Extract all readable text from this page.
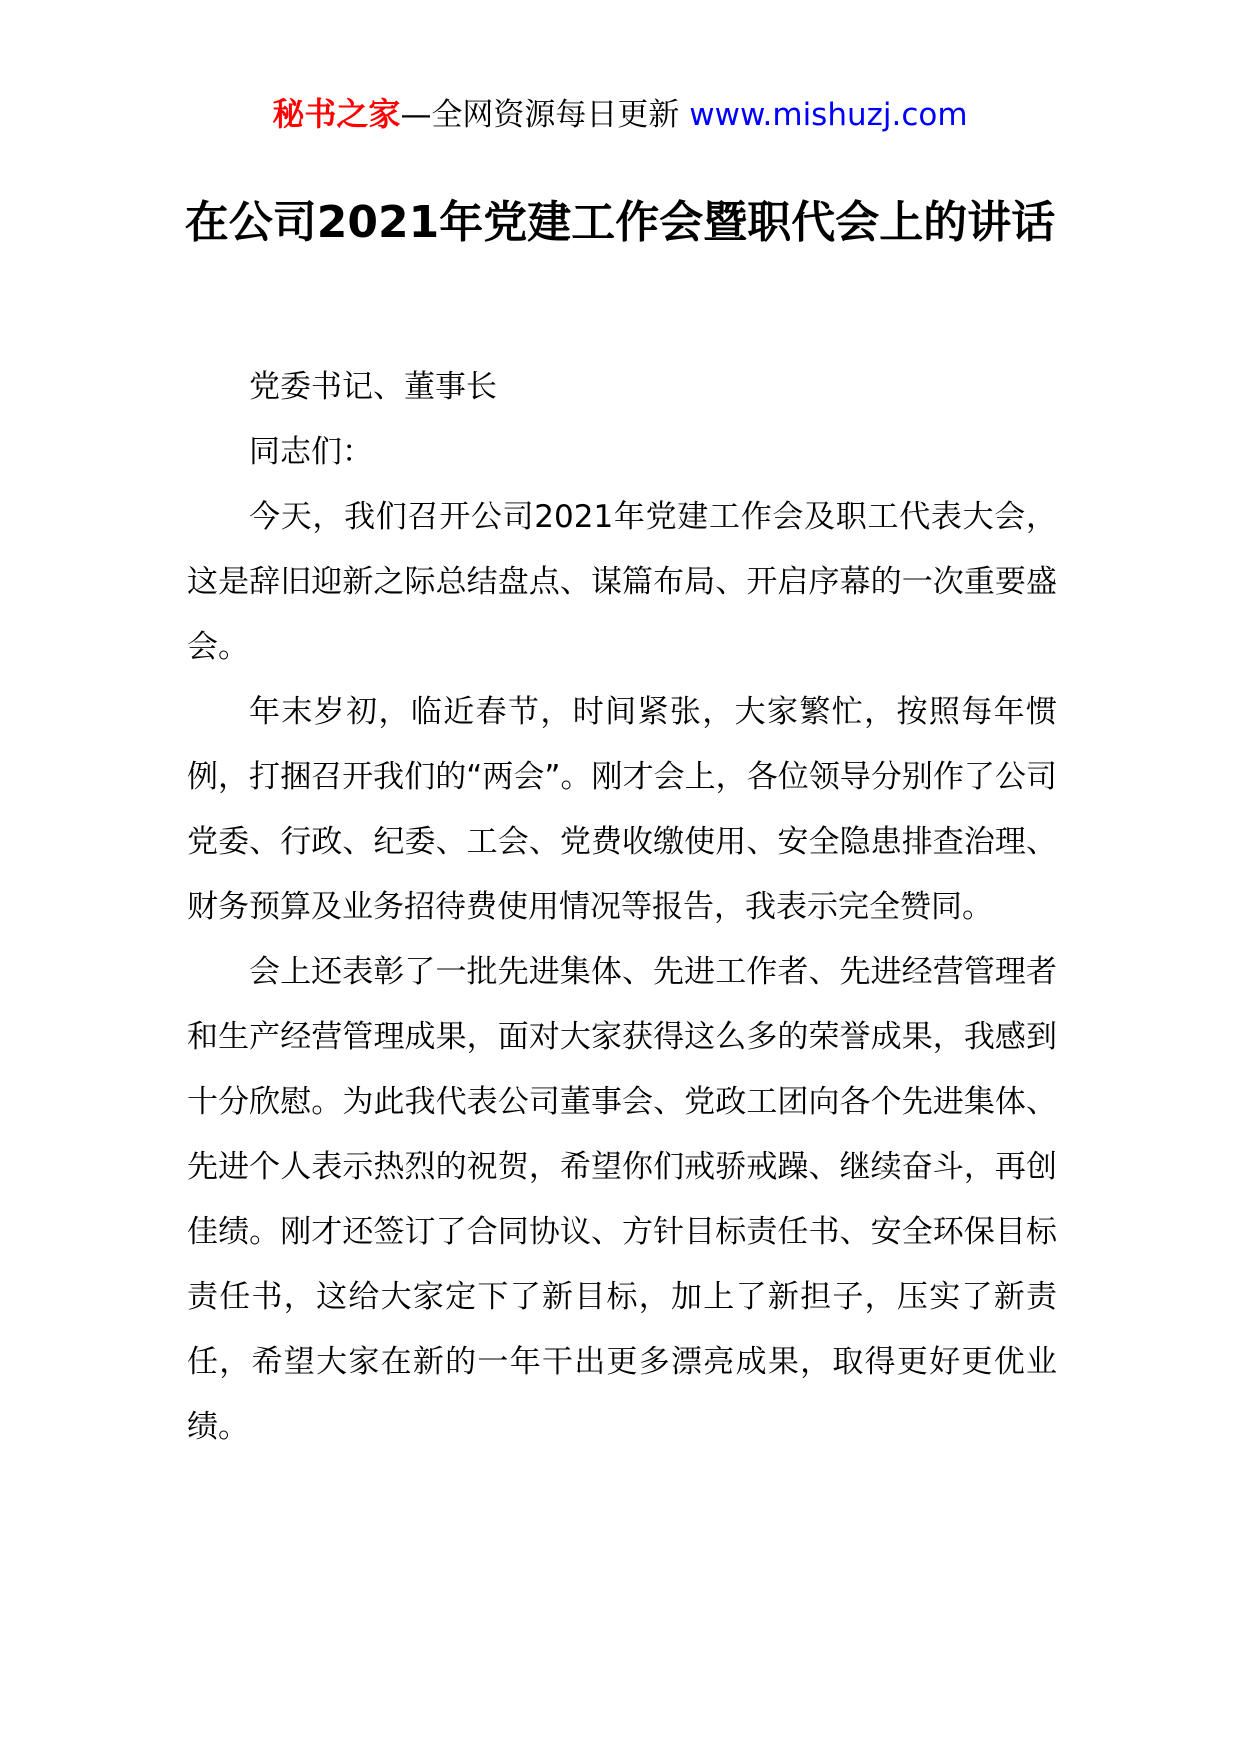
秘书之家—全网资源每日更新 www.mishuzj.com
在公司2021年党建工作会暨职代会上的讲话

党委书记、董事长

同志们：

今天，我们召开公司2021年党建工作会及职工代表大会，这是辞旧迎新之际总结盘点、谋篇布局、开启序幕的一次重要盛会。

年末岁初，临近春节，时间紧张，大家繁忙，按照每年惯例，打捆召开我们的“两会”。刚才会上，各位领导分别作了公司党委、行政、纪委、工会、党费收缴使用、安全隐患排查治理、财务预算及业务招待费使用情况等报告，我表示完全赞同。

会上还表彰了一批先进集体、先进工作者、先进经营管理者和生产经营管理成果，面对大家获得这么多的荣誉成果，我感到十分欣慰。为此我代表公司董事会、党政工团向各个先进集体、先进个人表示热烈的祝贺，希望你们戒骄戒躁、继续奋斗，再创佳绩。刚才还签订了合同协议、方针目标责任书、安全环保目标责任书，这给大家定下了新目标，加上了新担子，压实了新责任，希望大家在新的一年干出更多漂亮成果，取得更好更优业绩。
